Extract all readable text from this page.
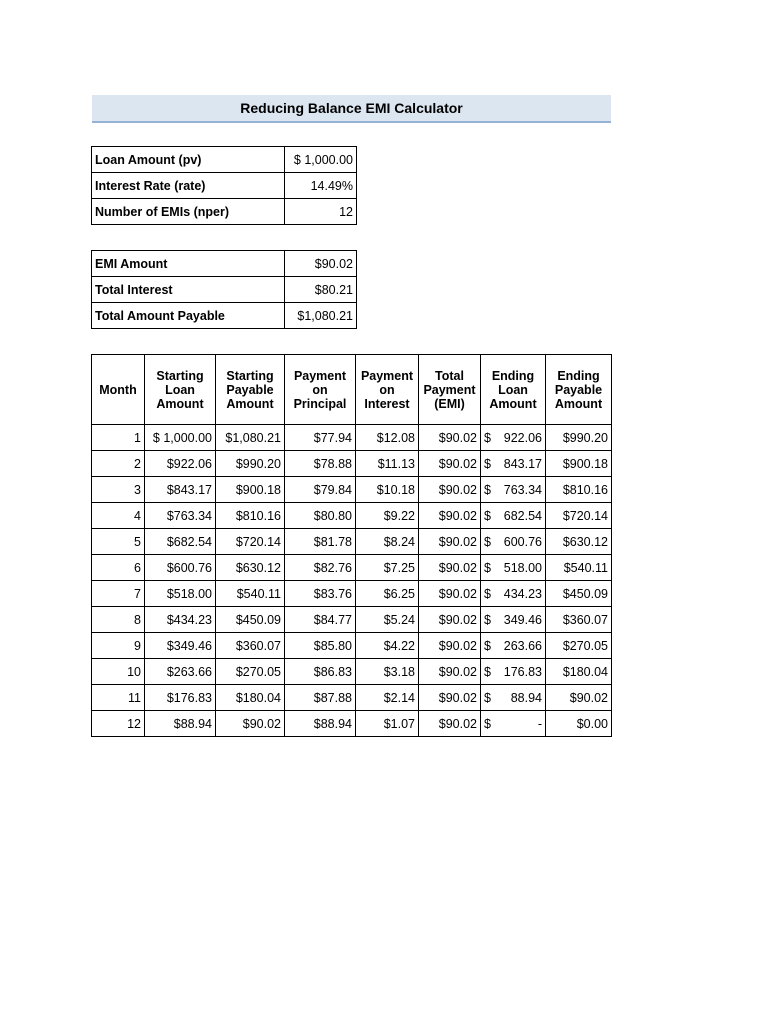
Reducing Balance EMI Calculator
Loan Amount (pv)	$ 1,000.00
Interest Rate (rate)	14.49%
Number of EMIs (nper)	12
EMI Amount	$90.02
Total Interest	$80.21
Total Amount Payable	$1,080.21
Month	Starting Loan Amount	Starting Payable Amount	Payment on Principal	Payment on Interest	Total Payment (EMI)	Ending Loan Amount	Ending Payable Amount
1	$ 1,000.00	$1,080.21	$77.94	$12.08	$90.02	$ 922.06	$990.20
2	$922.06	$990.20	$78.88	$11.13	$90.02	$ 843.17	$900.18
3	$843.17	$900.18	$79.84	$10.18	$90.02	$ 763.34	$810.16
4	$763.34	$810.16	$80.80	$9.22	$90.02	$ 682.54	$720.14
5	$682.54	$720.14	$81.78	$8.24	$90.02	$ 600.76	$630.12
6	$600.76	$630.12	$82.76	$7.25	$90.02	$ 518.00	$540.11
7	$518.00	$540.11	$83.76	$6.25	$90.02	$ 434.23	$450.09
8	$434.23	$450.09	$84.77	$5.24	$90.02	$ 349.46	$360.07
9	$349.46	$360.07	$85.80	$4.22	$90.02	$ 263.66	$270.05
10	$263.66	$270.05	$86.83	$3.18	$90.02	$ 176.83	$180.04
11	$176.83	$180.04	$87.88	$2.14	$90.02	$ 88.94	$90.02
12	$88.94	$90.02	$88.94	$1.07	$90.02	$ -	$0.00
